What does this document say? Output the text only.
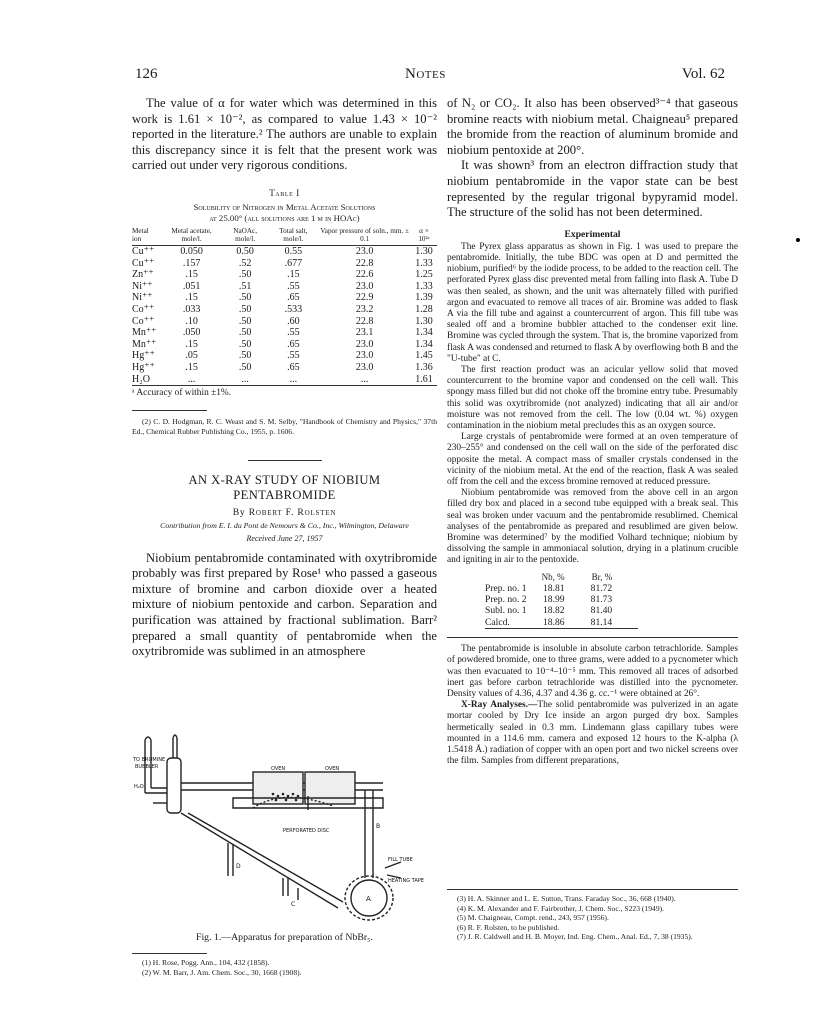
126	Notes	Vol. 62

The value of α for water which was determined in this work is 1.61 × 10⁻², as compared to value 1.43 × 10⁻² reported in the literature.² The authors are unable to explain this discrepancy since it is felt that the present work was carried out under very rigorous conditions.

Table I
Solubility of Nitrogen in Metal Acetate Solutions
at 25.00° (all solutions are 1 m in HOAc)
Metal ion	Metal acetate, mole/l.	NaOAc, mole/l.	Total salt, mole/l.	Vapor pressure of soln., mm. ± 0.1	α × 10²ᵃ
Cu⁺⁺	0.050	0.50	0.55	23.0	1.30
Cu⁺⁺	.157	.52	.677	22.8	1.33
Zn⁺⁺	.15	.50	.15	22.6	1.25
Ni⁺⁺	.051	.51	.55	23.0	1.33
Ni⁺⁺	.15	.50	.65	22.9	1.39
Co⁺⁺	.033	.50	.533	23.2	1.28
Co⁺⁺	.10	.50	.60	22.8	1.30
Mn⁺⁺	.050	.50	.55	23.1	1.34
Mn⁺⁺	.15	.50	.65	23.0	1.34
Hg⁺⁺	.05	.50	.55	23.0	1.45
Hg⁺⁺	.15	.50	.65	23.0	1.36
H₂O	...	...	...	...	1.61
ᵃ Accuracy of within ±1%.

(2) C. D. Hodgman, R. C. Weast and S. M. Selby, "Handbook of Chemistry and Physics," 37th Ed., Chemical Rubber Publishing Co., 1955, p. 1606.

AN X-RAY STUDY OF NIOBIUM
PENTABROMIDE
By Robert F. Rolsten
Contribution from E. I. du Pont de Nemours & Co., Inc., Wilmington, Delaware
Received June 27, 1957

Niobium pentabromide contaminated with oxytribromide probably was first prepared by Rose¹ who passed a gaseous mixture of bromine and carbon dioxide over a heated mixture of niobium pentoxide and carbon. Separation and purification was attained by fractional sublimation. Barr² prepared a small quantity of pentabromide when the oxytribromide was sublimed in an atmosphere

TO BROMINE
BUBBLER
H₂O
OVEN	OVEN
PERFORATED DISC
FILL TUBE
HEATING TAPE
A
B
C
D
Fig. 1.—Apparatus for preparation of NbBr₅.

(1) H. Rose, Pogg. Ann., 104, 432 (1858).

(2) W. M. Barr, J. Am. Chem. Soc., 30, 1668 (1908).

of N₂ or CO₂. It also has been observed³⁻⁴ that gaseous bromine reacts with niobium metal. Chaigneau⁵ prepared the bromide from the reaction of aluminum bromide and niobium pentoxide at 200°.

It was shown³ from an electron diffraction study that niobium pentabromide in the vapor state can be best represented by the regular trigonal bypyramid model. The structure of the solid has not been determined.

Experimental

The Pyrex glass apparatus as shown in Fig. 1 was used to prepare the pentabromide. Initially, the tube BDC was open at D and permitted the niobium, purified⁶ by the iodide process, to be added to the reaction cell. The perforated Pyrex glass disc prevented metal from falling into flask A. Tube D was then sealed, as shown, and the unit was alternately filled with purified argon and evacuated to remove all traces of air. Bromine was added to flask A via the fill tube and against a countercurrent of argon. This fill tube was sealed off and a bromine bubbler attached to the condenser exit line. Bromine was cycled through the system. That is, the bromine vaporized from flask A was condensed and returned to flask A by overflowing both B and the "U-tube" at C.

The first reaction product was an acicular yellow solid that moved countercurrent to the bromine vapor and condensed on the cell wall. This spongy mass filled but did not choke off the bromine entry tube. Presumably this solid was oxytribromide (not analyzed) indicating that all air and/or moisture was not removed from the cell. The low (0.04 wt. %) oxygen contamination in the niobium metal precludes this as an oxygen source.

Large crystals of pentabromide were formed at an oven temperature of 230–255° and condensed on the cell wall on the side of the perforated disc opposite the metal. A compact mass of smaller crystals condensed in the vicinity of the niobium metal. At the end of the reaction, flask A was sealed off from the cell and the excess bromine removed at reduced pressure.

Niobium pentabromide was removed from the above cell in an argon filled dry box and placed in a second tube equipped with a break seal. This seal was broken under vacuum and the pentabromide resublimed. Chemical analyses of the pentabromide as prepared and resublimed are given below. Bromine was determined⁷ by the modified Volhard technique; niobium by dissolving the sample in ammoniacal solution, drying in a platinum crucible and igniting in air to the pentoxide.

	Nb, %	Br, %
Prep. no. 1	18.81	81.72
Prep. no. 2	18.99	81.73
Subl. no. 1	18.82	81.40
Calcd.	18.86	81.14

The pentabromide is insoluble in absolute carbon tetrachloride. Samples of powdered bromide, one to three grams, were added to a pycnometer which was then evacuated to 10⁻⁴–10⁻⁵ mm. This removed all traces of adsorbed inert gas before carbon tetrachloride was distilled into the pycnometer. Density values of 4.36, 4.37 and 4.36 g. cc.⁻¹ were obtained at 26°.

X-Ray Analyses.—The solid pentabromide was pulverized in an agate mortar cooled by Dry Ice inside an argon purged dry box. Samples hermetically sealed in 0.3 mm. Lindemann glass capillary tubes were mounted in a 114.6 mm. camera and exposed 12 hours to the K-alpha (λ 1.5418 Å.) radiation of copper with an open port and two nickel screens over the film. Samples from different preparations,

(3) H. A. Skinner and L. E. Sutton, Trans. Faraday Soc., 36, 668 (1940).

(4) K. M. Alexander and F. Fairbrother, J. Chem. Soc., S223 (1949).

(5) M. Chaigneau, Compt. rend., 243, 957 (1956).

(6) R. F. Rolsten, to be published.

(7) J. R. Caldwell and H. B. Moyer, Ind. Eng. Chem., Anal. Ed., 7, 38 (1935).
